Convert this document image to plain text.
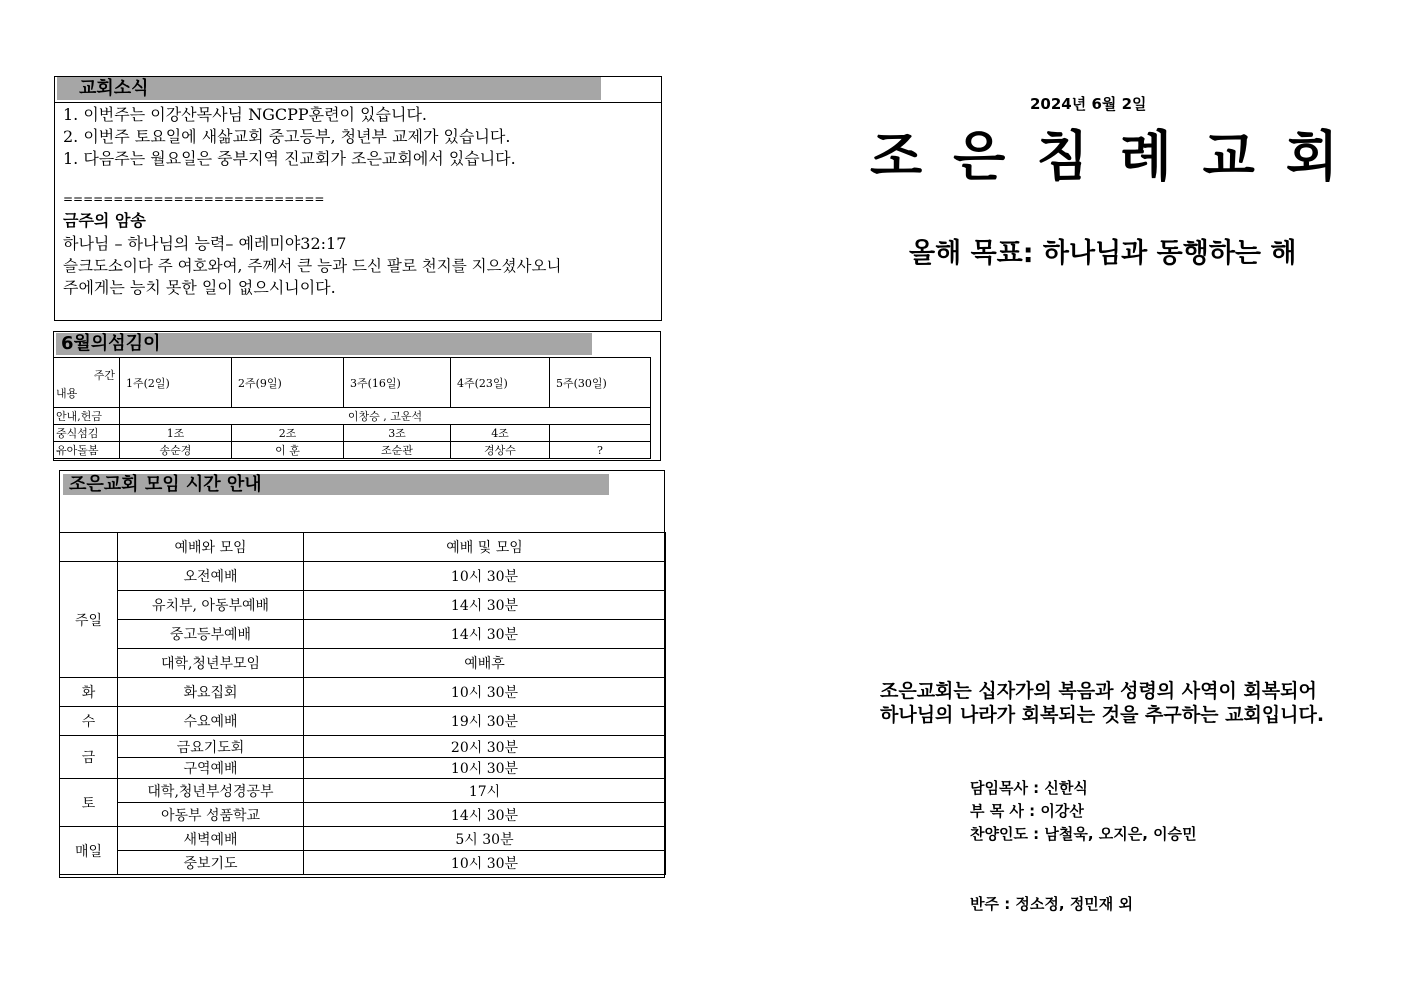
교회소식
1. 이번주는 이강산목사님 NGCPP훈련이 있습니다.
2. 이번주 토요일에 새삶교회 중고등부, 청년부 교제가 있습니다.
1. 다음주는 월요일은 중부지역 진교회가 조은교회에서 있습니다.
==========================
금주의 암송
하나님 – 하나님의 능력– 예레미야32:17
슬크도소이다 주 여호와여, 주께서 큰 능과 드신 팔로 천지를 지으셨사오니
주에게는 능치 못한 일이 없으시니이다.
6월의섬김이
주간
내용	1주(2일)	2주(9일)	3주(16일)	4주(23일)	5주(30일)
안내,헌금	이창승 , 고운석				
중식섬김	1조	2조	3조	4조	
유아돌봄	송순경	이 훈	조순관	경상수	?
조은교회 모임 시간 안내
	예배와 모임	예배 및 모임
주일	오전예배	10시 30분
	유치부, 아동부예배	14시 30분
	중고등부예배	14시 30분
	대학,청년부모임	예배후
화	화요집회	10시 30분
수	수요예배	19시 30분
금	금요기도회	20시 30분
	구역예배	10시 30분
토	대학,청년부성경공부	17시
	아동부 성품학교	14시 30분
매일	새벽예배	5시 30분
	중보기도	10시 30분
2024년 6월 2일
조은침례교회
올해 목표: 하나님과 동행하는 해
조은교회는 십자가의 복음과 성령의 사역이 회복되어
하나님의 나라가 회복되는 것을 추구하는 교회입니다.
담임목사 : 신한식
부 목 사 : 이강산
찬양인도 : 남철욱, 오지은, 이승민
반주 : 정소정, 정민재 외
